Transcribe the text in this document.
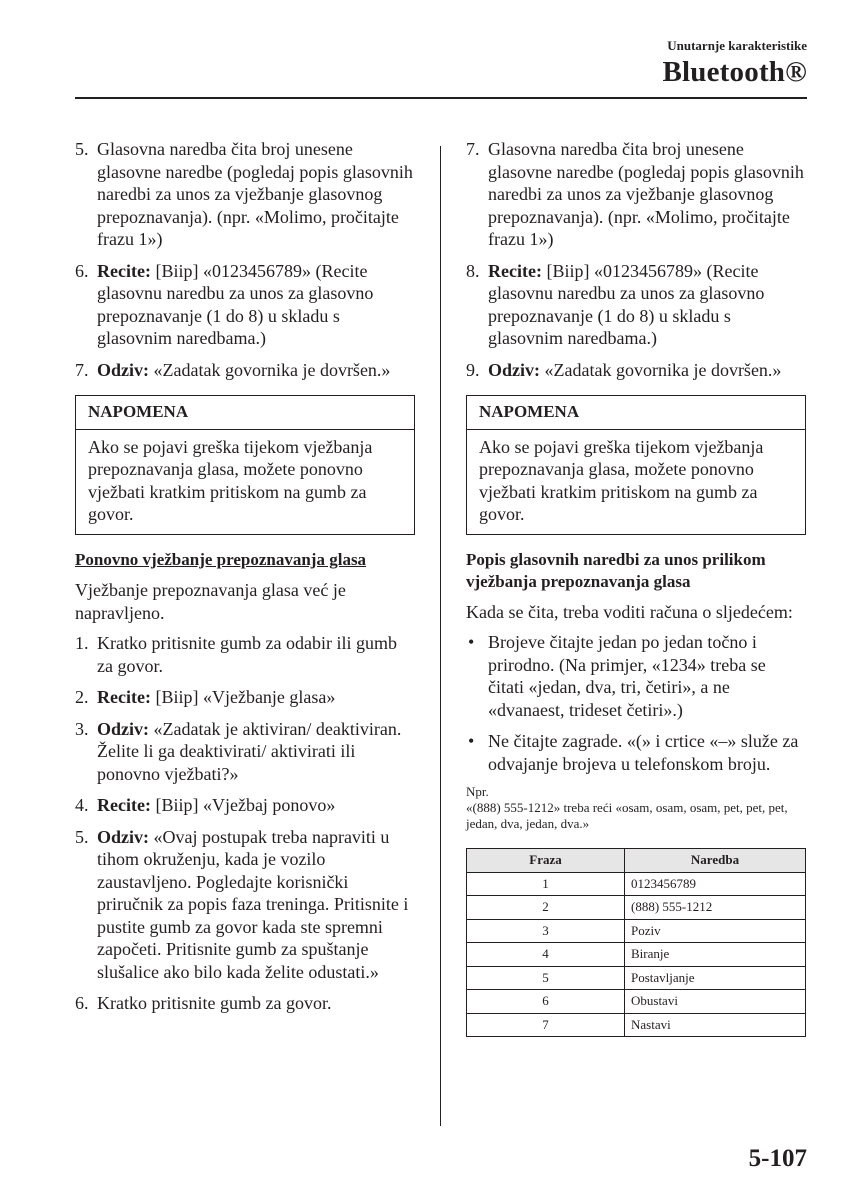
Unutarnje karakteristike
Bluetooth®
5. Glasovna naredba čita broj unesene glasovne naredbe (pogledaj popis glasovnih naredbi za unos za vježbanje glasovnog prepoznavanja). (npr. «Molimo, pročitajte frazu 1»)
6. Recite: [Biip] «0123456789» (Recite glasovnu naredbu za unos za glasovno prepoznavanje (1 do 8) u skladu s glasovnim naredbama.)
7. Odziv: «Zadatak govornika je dovršen.»
NAPOMENA
Ako se pojavi greška tijekom vježbanja prepoznavanja glasa, možete ponovno vježbati kratkim pritiskom na gumb za govor.
Ponovno vježbanje prepoznavanja glasa

Vježbanje prepoznavanja glasa već je napravljeno.

1. Kratko pritisnite gumb za odabir ili gumb za govor.
2. Recite: [Biip] «Vježbanje glasa»
3. Odziv: «Zadatak je aktiviran/ deaktiviran. Želite li ga deaktivirati/ aktivirati ili ponovno vježbati?»
4. Recite: [Biip] «Vježbaj ponovo»
5. Odziv: «Ovaj postupak treba napraviti u tihom okruženju, kada je vozilo zaustavljeno. Pogledajte korisnički priručnik za popis faza treninga. Pritisnite i pustite gumb za govor kada ste spremni započeti. Pritisnite gumb za spuštanje slušalice ako bilo kada želite odustati.»
6. Kratko pritisnite gumb za govor.
7. Glasovna naredba čita broj unesene glasovne naredbe (pogledaj popis glasovnih naredbi za unos za vježbanje glasovnog prepoznavanja). (npr. «Molimo, pročitajte frazu 1»)
8. Recite: [Biip] «0123456789» (Recite glasovnu naredbu za unos za glasovno prepoznavanje (1 do 8) u skladu s glasovnim naredbama.)
9. Odziv: «Zadatak govornika je dovršen.»
NAPOMENA
Ako se pojavi greška tijekom vježbanja prepoznavanja glasa, možete ponovno vježbati kratkim pritiskom na gumb za govor.
Popis glasovnih naredbi za unos prilikom vježbanja prepoznavanja glasa

Kada se čita, treba voditi računa o sljedećem:

• Brojeve čitajte jedan po jedan točno i prirodno. (Na primjer, «1234» treba se čitati «jedan, dva, tri, četiri», a ne «dvanaest, trideset četiri».)
• Ne čitajte zagrade. «(» i crtice «–» služe za odvajanje brojeva u telefonskom broju.
Npr.
«(888) 555-1212» treba reći «osam, osam, osam, pet, pet, pet, jedan, dva, jedan, dva.»
Fraza	Naredba
1	0123456789
2	(888) 555-1212
3	Poziv
4	Biranje
5	Postavljanje
6	Obustavi
7	Nastavi
5-107
